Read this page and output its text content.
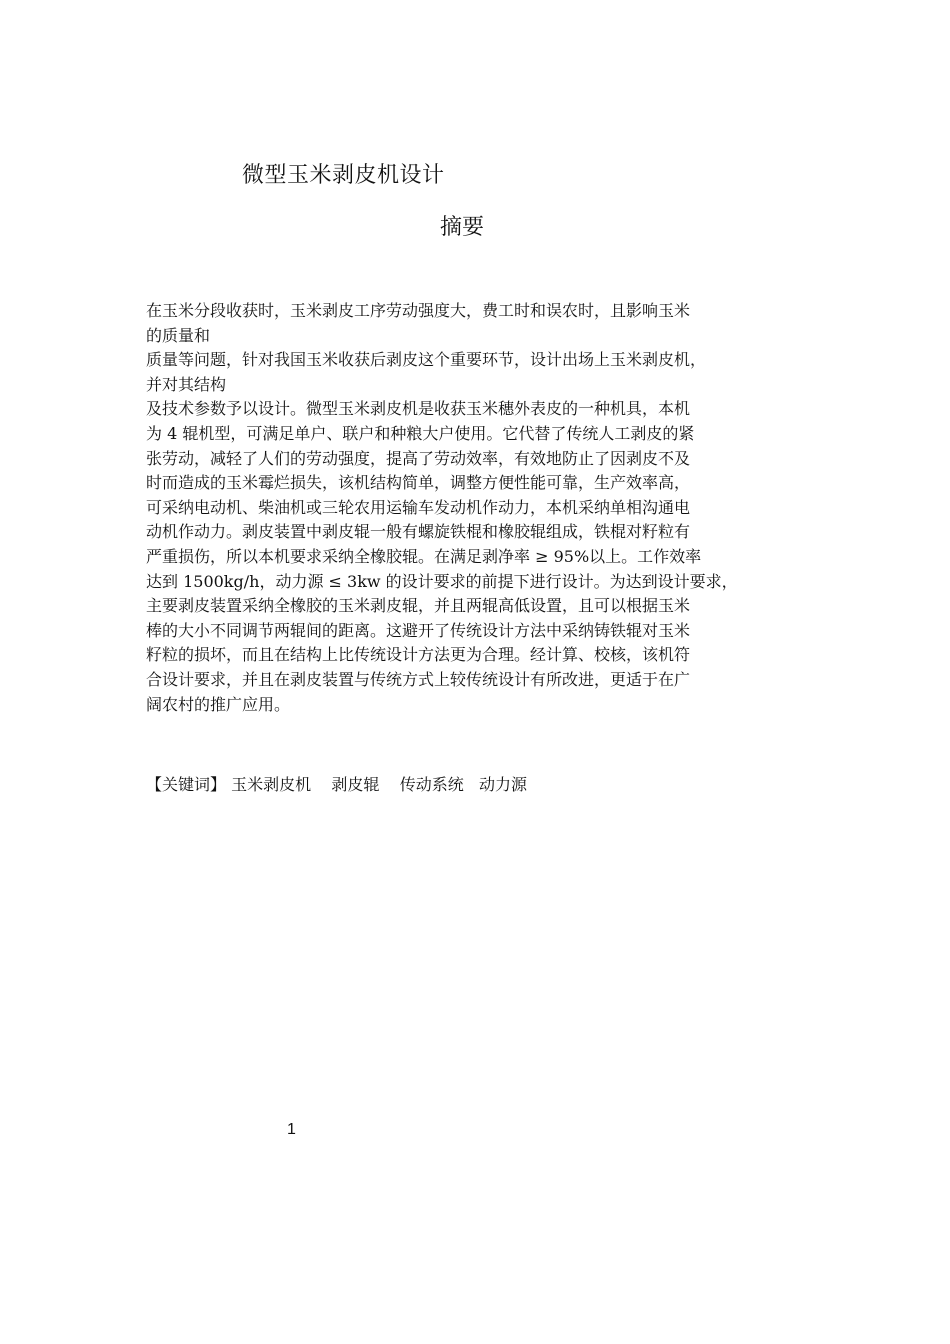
微型玉米剥皮机设计
摘要
在玉米分段收获时，玉米剥皮工序劳动强度大，费工时和误农时，且影响玉米
的质量和
质量等问题，针对我国玉米收获后剥皮这个重要环节，设计出场上玉米剥皮机，
并对其结构
及技术参数予以设计。微型玉米剥皮机是收获玉米穗外表皮的一种机具，本机
为 4 辊机型，可满足单户、联户和种粮大户使用。它代替了传统人工剥皮的紧
张劳动，减轻了人们的劳动强度，提高了劳动效率，有效地防止了因剥皮不及
时而造成的玉米霉烂损失，该机结构简单，调整方便性能可靠，生产效率高，
可采纳电动机、柴油机或三轮农用运输车发动机作动力，本机采纳单相沟通电
动机作动力。剥皮装置中剥皮辊一般有螺旋铁棍和橡胶辊组成，铁棍对籽粒有
严重损伤，所以本机要求采纳全橡胶辊。在满足剥净率 ≥ 95%以上。工作效率
达到 1500kg/h，动力源 ≤ 3kw 的设计要求的前提下进行设计。为达到设计要求，
主要剥皮装置采纳全橡胶的玉米剥皮辊，并且两辊高低设置，且可以根据玉米
棒的大小不同调节两辊间的距离。这避开了传统设计方法中采纳铸铁辊对玉米
籽粒的损坏，而且在结构上比传统设计方法更为合理。经计算、校核，该机符
合设计要求，并且在剥皮装置与传统方式上较传统设计有所改进，更适于在广
阔农村的推广应用。
【关键词】 玉米剥皮机    剥皮辊    传动系统   动力源
1
